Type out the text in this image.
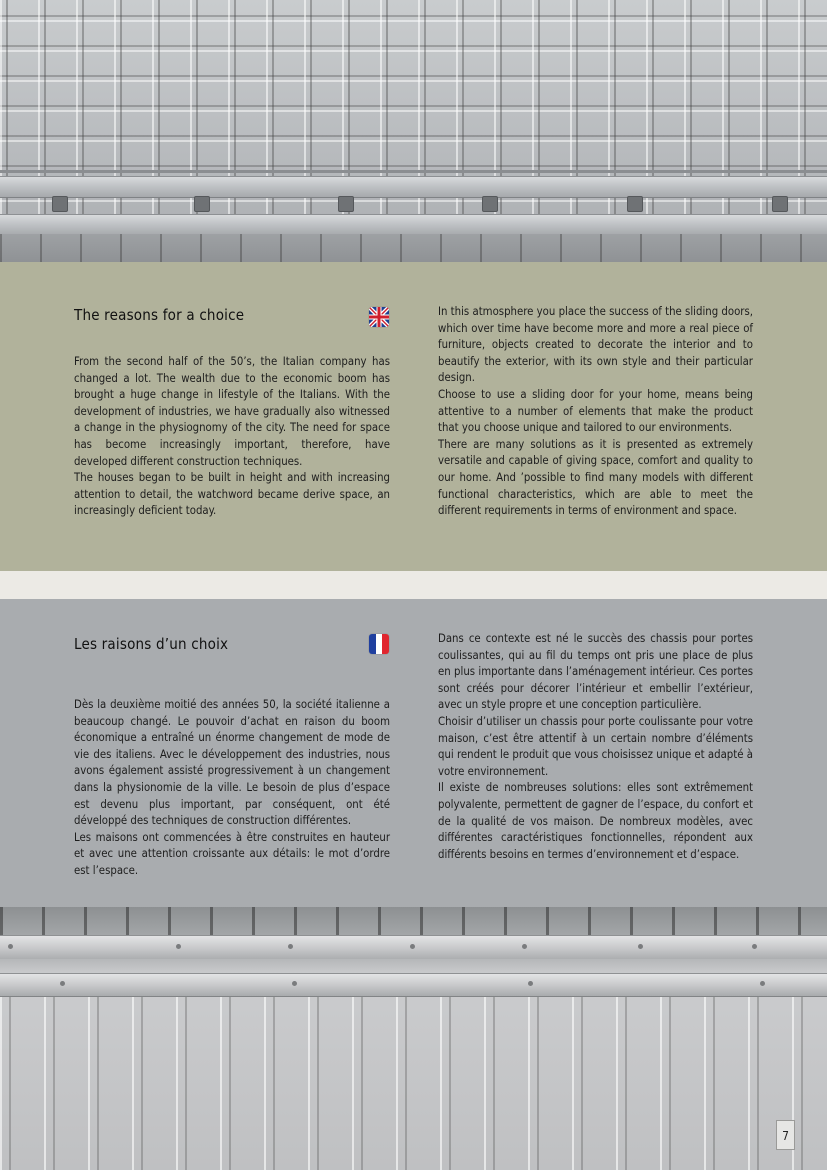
The reasons for a choice

From the second half of the 50’s, the Italian company has changed a lot. The wealth due to the economic boom has brought a huge change in lifestyle of the Italians. With the development of industries, we have gradually also witnessed a change in the physiognomy of the city. The need for space has become increasingly important, therefore, have developed different construction techniques.

The houses began to be built in height and with increasing attention to detail, the watchword became derive space, an increasingly deficient today.

In this atmosphere you place the success of the sliding doors, which over time have become more and more a real piece of furniture, objects created to decorate the interior and to beautify the exterior, with its own style and their particular design.

Choose to use a sliding door for your home, means being attentive to a number of elements that make the product that you choose unique and tailored to our environments.

There are many solutions as it is presented as extremely versatile and capable of giving space, comfort and quality to our home. And ’possible to find many models with different functional characteristics, which are able to meet the different requirements in terms of environment and space.

Les raisons d’un choix

Dès la deuxième moitié des années 50, la société italienne a beaucoup changé. Le pouvoir d’achat en raison du boom économique a entraîné un énorme changement de mode de vie des italiens. Avec le développement des industries, nous avons également assisté progressivement à un changement dans la physionomie de la ville. Le besoin de plus d’espace est devenu plus important, par conséquent, ont été développé des techniques de construction différentes.

Les maisons ont commencées à être construites en hauteur et avec une attention croissante aux détails: le mot d’ordre est l’espace.

Dans ce contexte est né le succès des chassis pour portes coulissantes, qui au fil du temps ont pris une place de plus en plus importante dans l’aménagement intérieur. Ces portes sont créés pour décorer l’intérieur et embellir l’extérieur, avec un style propre et une conception particulière.

Choisir d’utiliser un chassis pour porte coulissante pour votre maison, c’est être attentif à un certain nombre d’éléments qui rendent le produit que vous choisissez unique et adapté à votre environnement.

Il existe de nombreuses solutions: elles sont extrêmement polyvalente, permettent de gagner de l’espace, du confort et de la qualité de vos maison. De nombreux modèles, avec différentes caractéristiques fonctionnelles, répondent aux différents besoins en termes d’environnement et d’espace.

7
